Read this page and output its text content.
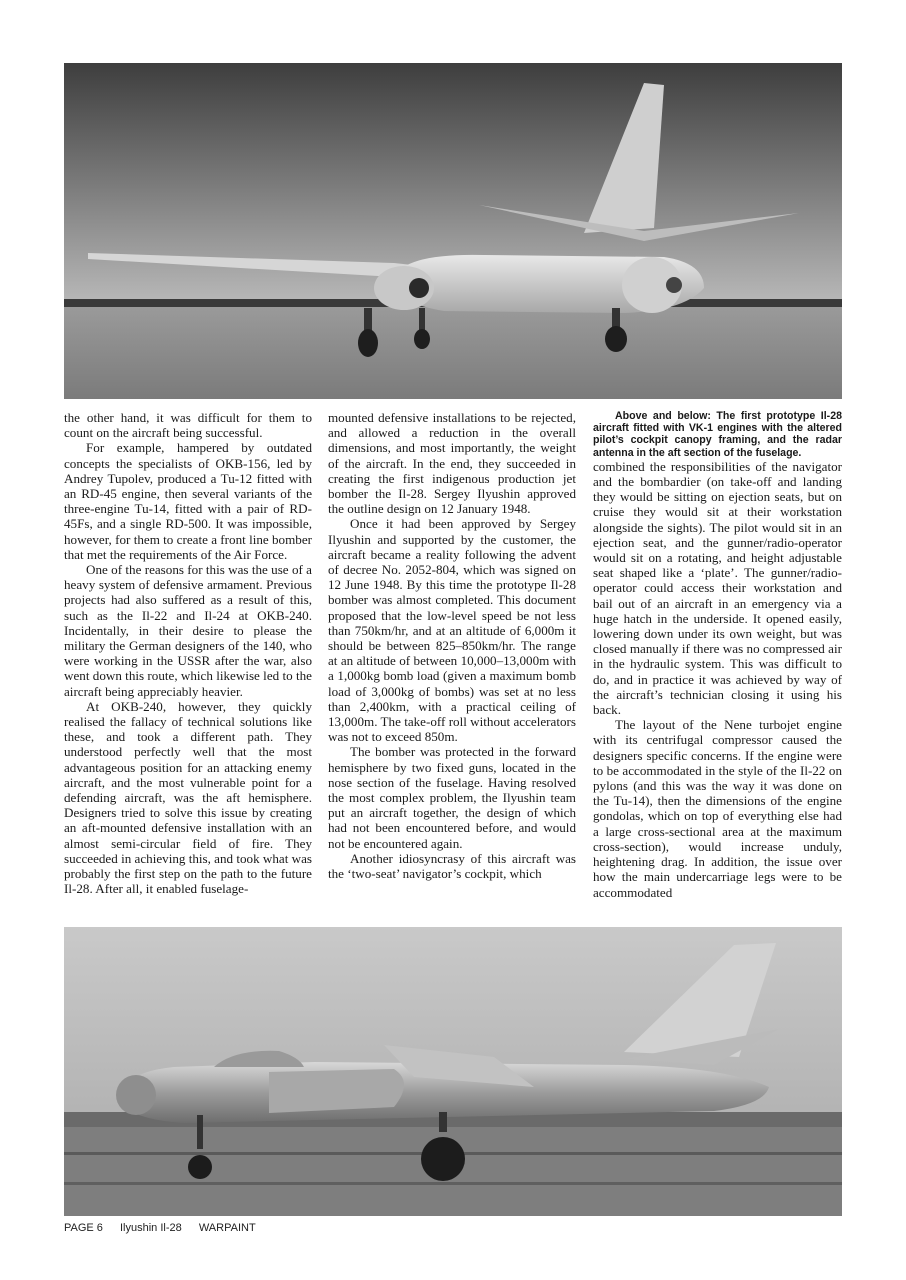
the other hand, it was difficult for them to count on the aircraft being successful.

For example, hampered by outdated concepts the specialists of OKB-156, led by Andrey Tupolev, produced a Tu-12 fitted with an RD-45 engine, then several variants of the three-engine Tu-14, fitted with a pair of RD-45Fs, and a single RD-500. It was impossible, however, for them to create a front line bomber that met the requirements of the Air Force.

One of the reasons for this was the use of a heavy system of defensive armament. Previous projects had also suffered as a result of this, such as the Il-22 and Il-24 at OKB-240. Incidentally, in their desire to please the military the German designers of the 140, who were working in the USSR after the war, also went down this route, which likewise led to the aircraft being appreciably heavier.

At OKB-240, however, they quickly realised the fallacy of technical solutions like these, and took a different path. They understood perfectly well that the most advantageous position for an attacking enemy aircraft, and the most vulnerable point for a defending aircraft, was the aft hemisphere. Designers tried to solve this issue by creating an aft-mounted defensive installation with an almost semi-circular field of fire. They succeeded in achieving this, and took what was probably the first step on the path to the future Il-28. After all, it enabled fuselage-

mounted defensive installations to be rejected, and allowed a reduction in the overall dimensions, and most importantly, the weight of the aircraft. In the end, they succeeded in creating the first indigenous production jet bomber the Il-28. Sergey Ilyushin approved the outline design on 12 January 1948.

Once it had been approved by Sergey Ilyushin and supported by the customer, the aircraft became a reality following the advent of decree No. 2052-804, which was signed on 12 June 1948. By this time the prototype Il-28 bomber was almost completed. This document proposed that the low-level speed be not less than 750km/hr, and at an altitude of 6,000m it should be between 825–850km/hr. The range at an altitude of between 10,000–13,000m with a 1,000kg bomb load (given a maximum bomb load of 3,000kg of bombs) was set at no less than 2,400km, with a practical ceiling of 13,000m. The take-off roll without accelerators was not to exceed 850m.

The bomber was protected in the forward hemisphere by two fixed guns, located in the nose section of the fuselage. Having resolved the most complex problem, the Ilyushin team put an aircraft together, the design of which had not been encountered before, and would not be encountered again.

Another idiosyncrasy of this aircraft was the ‘two-seat’ navigator’s cockpit, which

Above and below: The first prototype Il-28 aircraft fitted with VK-1 engines with the altered pilot’s cockpit canopy framing, and the radar antenna in the aft section of the fuselage.

combined the responsibilities of the navigator and the bombardier (on take-off and landing they would be sitting on ejection seats, but on cruise they would sit at their workstation alongside the sights). The pilot would sit in an ejection seat, and the gunner/radio-operator would sit on a rotating, and height adjustable seat shaped like a ‘plate’. The gunner/radio-operator could access their workstation and bail out of an aircraft in an emergency via a huge hatch in the underside. It opened easily, lowering down under its own weight, but was closed manually if there was no compressed air in the hydraulic system. This was difficult to do, and in practice it was achieved by way of the aircraft’s technician closing it using his back.

The layout of the Nene turbojet engine with its centrifugal compressor caused the designers specific concerns. If the engine were to be accommodated in the style of the Il-22 on pylons (and this was the way it was done on the Tu-14), then the dimensions of the engine gondolas, which on top of everything else had a large cross-sectional area at the maximum cross-section), would increase unduly, heightening drag. In addition, the issue over how the main undercarriage legs were to be accommodated

PAGE 6 Ilyushin Il-28 WARPAINT
